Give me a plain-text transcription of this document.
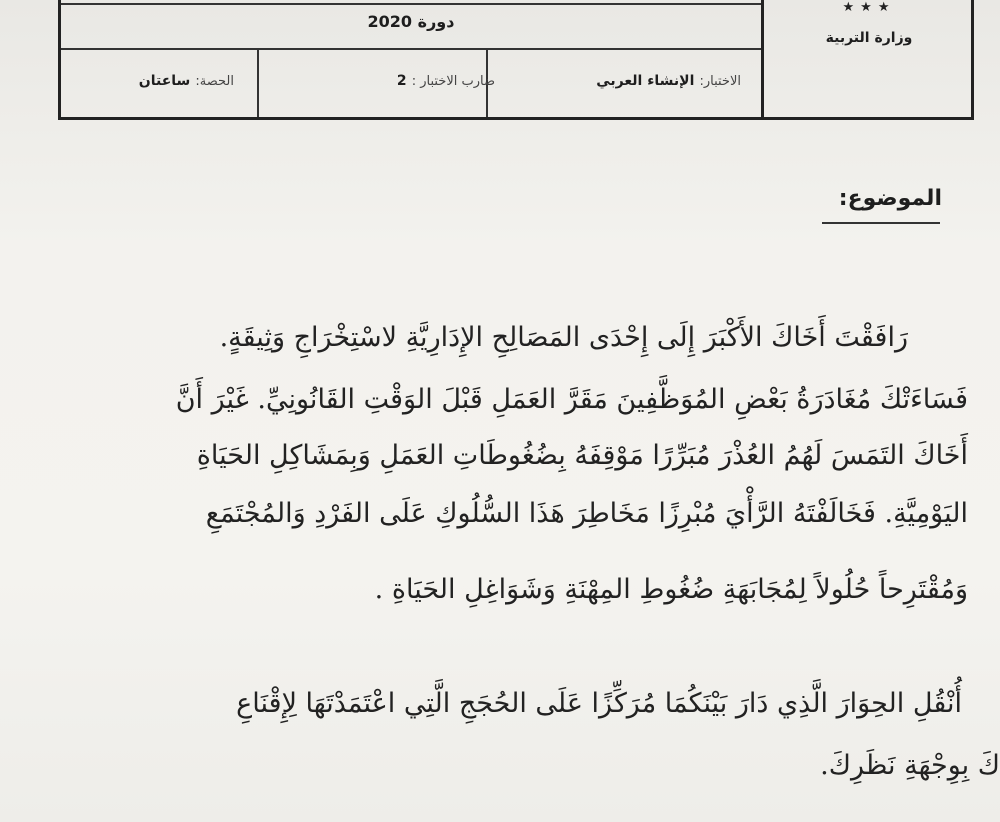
دورة 2020
الاختبار: الإنشاء العربي
ضارب الاختبار : 2
الحصة: ساعتان
★★★
وزارة التربية
الموضوع:
رَافَقْتَ أَخَاكَ الأَكْبَرَ إِلَى إِحْدَى المَصَالِحِ الإِدَارِيَّةِ لاسْتِخْرَاجِ وَثِيقَةٍ.
فَسَاءَتْكَ مُغَادَرَةُ بَعْضِ المُوَظَّفِينَ مَقَرَّ العَمَلِ قَبْلَ الوَقْتِ القَانُونِيِّ. غَيْرَ أَنَّ
أَخَاكَ التَمَسَ لَهُمُ العُذْرَ مُبَرِّرًا مَوْقِفَهُ بِضُغُوطَاتِ العَمَلِ وَبِمَشَاكِلِ الحَيَاةِ
اليَوْمِيَّةِ. فَخَالَفْتَهُ الرَّأْيَ مُبْرِزًا مَخَاطِرَ هَذَا السُّلُوكِ عَلَى الفَرْدِ وَالمُجْتَمَعِ
وَمُقْتَرِحاً حُلُولاً لِمُجَابَهَةِ ضُغُوطِ المِهْنَةِ وَشَوَاغِلِ الحَيَاةِ .
أُنْقُلِ الحِوَارَ الَّذِي دَارَ بَيْنَكُمَا مُرَكِّزًا عَلَى الحُجَجِ الَّتِي اعْتَمَدْتَهَا لِإِقْنَاعِ
كَ بِوِجْهَةِ نَظَرِكَ.
